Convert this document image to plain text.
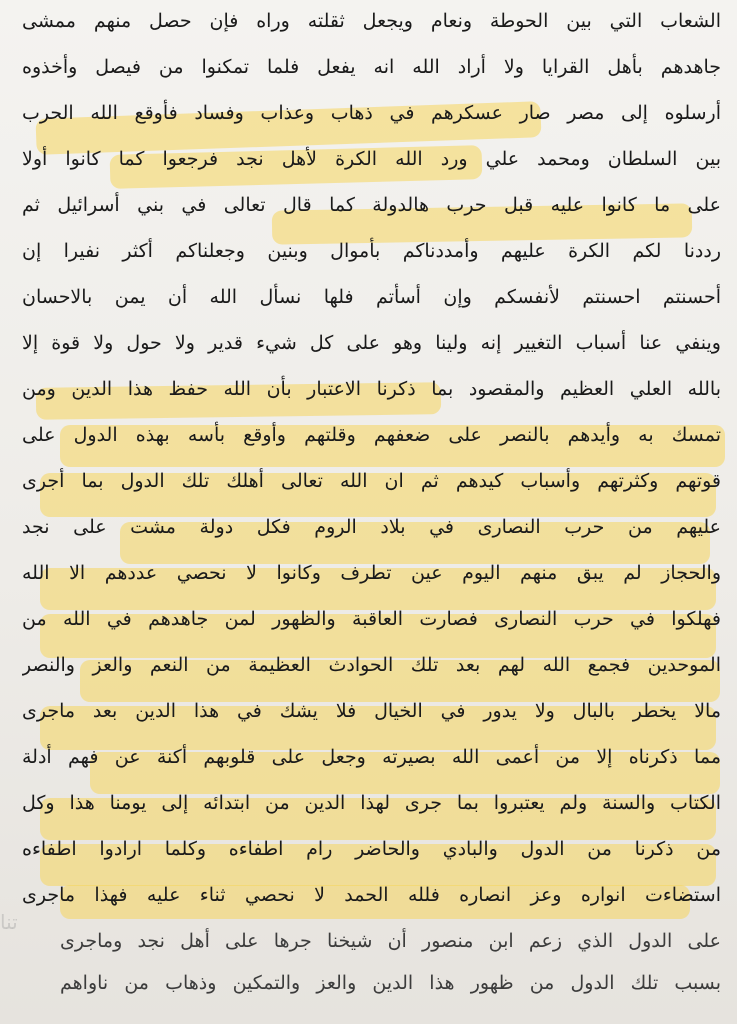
الشعاب التي بين الحوطة ونعام ويجعل ثقلته وراه فإن حصل منهم ممشى
جاهدهم بأهل القرايا ولا أراد الله انه يفعل فلما تمكنوا من فيصل وأخذوه
أرسلوه إلى مصر صار عسكرهم في ذهاب وعذاب وفساد فأوقع الله الحرب
بين السلطان ومحمد علي ورد الله الكرة لأهل نجد فرجعوا كما كانوا أولا
على ما كانوا عليه قبل حرب هالدولة كما قال تعالى في بني أسرائيل ثم
رددنا لكم الكرة عليهم وأمددناكم بأموال وبنين وجعلناكم أكثر نفيرا إن
أحسنتم احسنتم لأنفسكم وإن أسأتم فلها نسأل الله أن يمن بالاحسان
وينفي عنا أسباب التغيير إنه ولينا وهو على كل شيء قدير ولا حول ولا قوة إلا
بالله العلي العظيم والمقصود بما ذكرنا الاعتبار بأن الله حفظ هذا الدين ومن
تمسك به وأيدهم بالنصر على ضعفهم وقلتهم وأوقع بأسه بهذه الدول على
قوتهم وكثرتهم وأسباب كيدهم ثم ان الله تعالى أهلك تلك الدول بما أجرى
عليهم من حرب النصارى في بلاد الروم فكل دولة مشت على نجد
والحجاز لم يبق منهم اليوم عين تطرف وكانوا لا نحصي عددهم الا الله
فهلكوا في حرب النصارى فصارت العاقبة والظهور لمن جاهدهم في الله من
الموحدين فجمع الله لهم بعد تلك الحوادث العظيمة من النعم والعز والنصر
مالا يخطر بالبال ولا يدور في الخيال فلا يشك في هذا الدين بعد ماجرى
مما ذكرناه إلا من أعمى الله بصيرته وجعل على قلوبهم أكنة عن فهم أدلة
الكتاب والسنة ولم يعتبروا بما جرى لهذا الدين من ابتدائه إلى يومنا هذا وكل
من ذكرنا من الدول والبادي والحاضر رام اطفاءه وكلما ارادوا اطفاءه
استضاءت انواره وعز انصاره فلله الحمد لا نحصي ثناء عليه فهذا ماجرى
على الدول الذي زعم ابن منصور أن شيخنا جرها على أهل نجد وماجرى
بسبب تلك الدول من ظهور هذا الدين والعز والتمكين وذهاب من ناواهم
تنا
